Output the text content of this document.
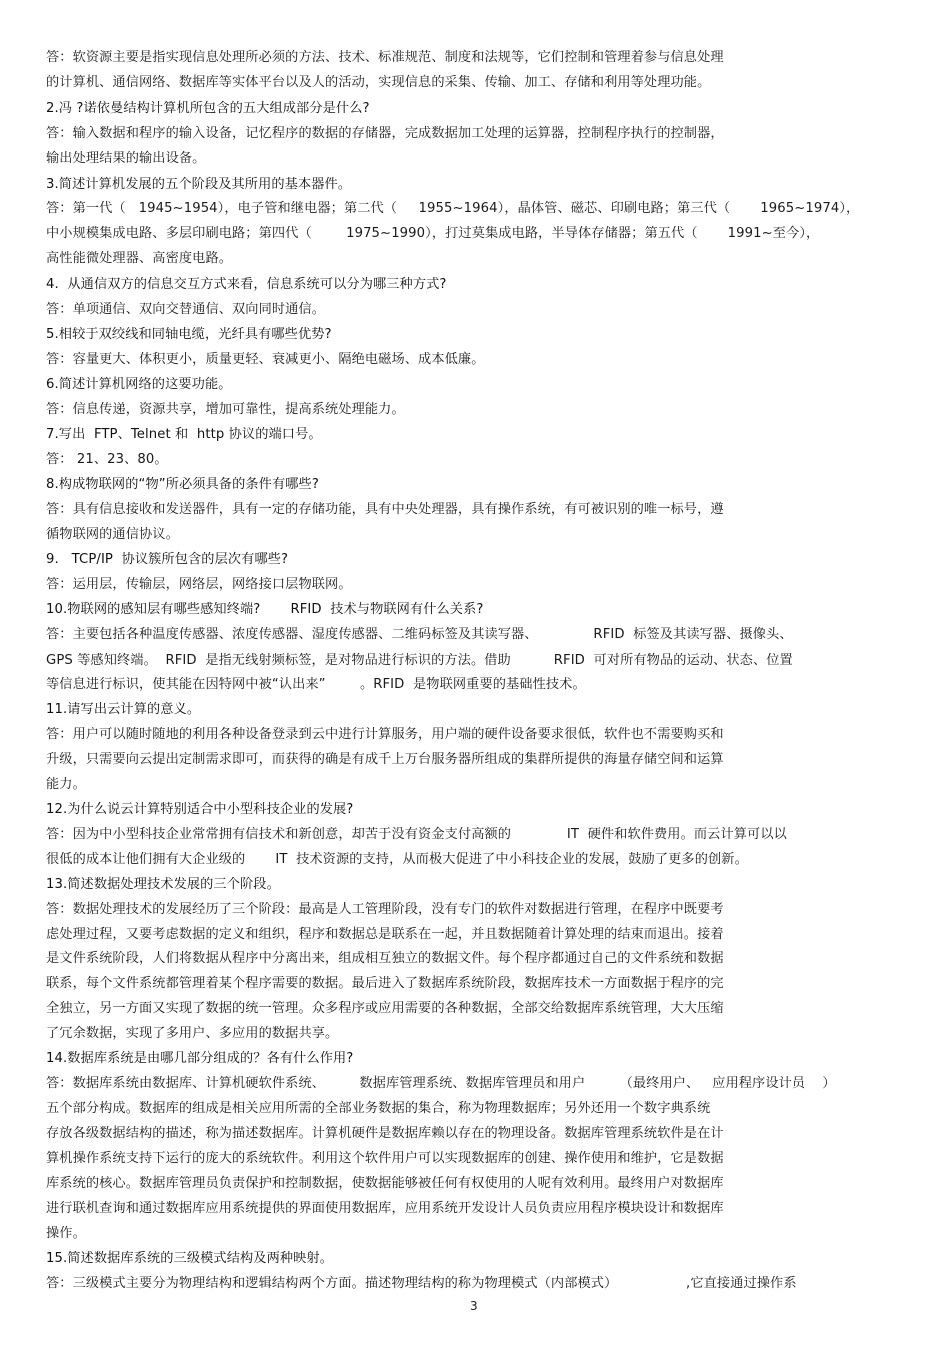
答：软资源主要是指实现信息处理所必须的方法、技术、标准规范、制度和法规等，它们控制和管理着参与信息处理
的计算机、通信网络、数据库等实体平台以及人的活动，实现信息的采集、传输、加工、存储和利用等处理功能。
2.冯 ?诺依曼结构计算机所包含的五大组成部分是什么?
答：输入数据和程序的输入设备，记忆程序的数据的存储器，完成数据加工处理的运算器，控制程序执行的控制器，
输出处理结果的输出设备。
3.简述计算机发展的五个阶段及其所用的基本器件。
答：第一代（   1945~1954），电子管和继电器；第二代（     1955~1964），晶体管、磁芯、印刷电路；第三代（       1965~1974），
中小规模集成电路、多层印刷电路；第四代（        1975~1990），打过莫集成电路，半导体存储器；第五代（       1991~至今），
高性能微处理器、高密度电路。
4.  从通信双方的信息交互方式来看，信息系统可以分为哪三种方式?
答：单项通信、双向交替通信、双向同时通信。
5.相较于双绞线和同轴电缆，光纤具有哪些优势?
答：容量更大、体积更小，质量更轻、衰减更小、隔绝电磁场、成本低廉。
6.简述计算机网络的这要功能。
答：信息传递，资源共享，增加可靠性，提高系统处理能力。
7.写出  FTP、Telnet 和  http 协议的端口号。
答： 21、23、80。
8.构成物联网的“物”所必须具备的条件有哪些?
答：具有信息接收和发送器件，具有一定的存储功能，具有中央处理器，具有操作系统，有可被识别的唯一标号，遵
循物联网的通信协议。
9.   TCP/IP  协议簇所包含的层次有哪些?
答：运用层，传输层，网络层，网络接口层物联网。
10.物联网的感知层有哪些感知终端?       RFID  技术与物联网有什么关系?
答：主要包括各种温度传感器、浓度传感器、湿度传感器、二维码标签及其读写器、             RFID  标签及其读写器、摄像头、
GPS 等感知终端。  RFID  是指无线射频标签，是对物品进行标识的方法。借助          RFID  可对所有物品的运动、状态、位置
等信息进行标识，使其能在因特网中被“认出来”        。RFID  是物联网重要的基础性技术。
11.请写出云计算的意义。
答：用户可以随时随地的利用各种设备登录到云中进行计算服务，用户端的硬件设备要求很低，软件也不需要购买和
升级，只需要向云提出定制需求即可，而获得的确是有成千上万台服务器所组成的集群所提供的海量存储空间和运算
能力。
12.为什么说云计算特别适合中小型科技企业的发展?
答：因为中小型科技企业常常拥有信技术和新创意，却苦于没有资金支付高额的             IT  硬件和软件费用。而云计算可以以
很低的成本让他们拥有大企业级的       IT  技术资源的支持，从而极大促进了中小科技企业的发展，鼓励了更多的创新。
13.简述数据处理技术发展的三个阶段。
答：数据处理技术的发展经历了三个阶段：最高是人工管理阶段，没有专门的软件对数据进行管理，在程序中既要考
虑处理过程，又要考虑数据的定义和组织，程序和数据总是联系在一起，并且数据随着计算处理的结束而退出。接着
是文件系统阶段，人们将数据从程序中分离出来，组成相互独立的数据文件。每个程序都通过自己的文件系统和数据
联系，每个文件系统都管理着某个程序需要的数据。最后进入了数据库系统阶段，数据库技术一方面数据于程序的完
全独立，另一方面又实现了数据的统一管理。众多程序或应用需要的各种数据，全部交给数据库系统管理，大大压缩
了冗余数据，实现了多用户、多应用的数据共享。
14.数据库系统是由哪几部分组成的？各有什么作用?
答：数据库系统由数据库、计算机硬软件系统、        数据库管理系统、数据库管理员和用户        （最终用户、   应用程序设计员    ）
五个部分构成。数据库的组成是相关应用所需的全部业务数据的集合，称为物理数据库；另外还用一个数字典系统
存放各级数据结构的描述，称为描述数据库。计算机硬件是数据库赖以存在的物理设备。数据库管理系统软件是在计
算机操作系统支持下运行的庞大的系统软件。利用这个软件用户可以实现数据库的创建、操作使用和维护，它是数据
库系统的核心。数据库管理员负责保护和控制数据，使数据能够被任何有权使用的人呢有效利用。最终用户对数据库
进行联机查询和通过数据库应用系统提供的界面使用数据库，应用系统开发设计人员负责应用程序模块设计和数据库
操作。
15.简述数据库系统的三级模式结构及两种映射。
答：三级模式主要分为物理结构和逻辑结构两个方面。描述物理结构的称为物理模式（内部模式）                ,它直接通过操作系
3
